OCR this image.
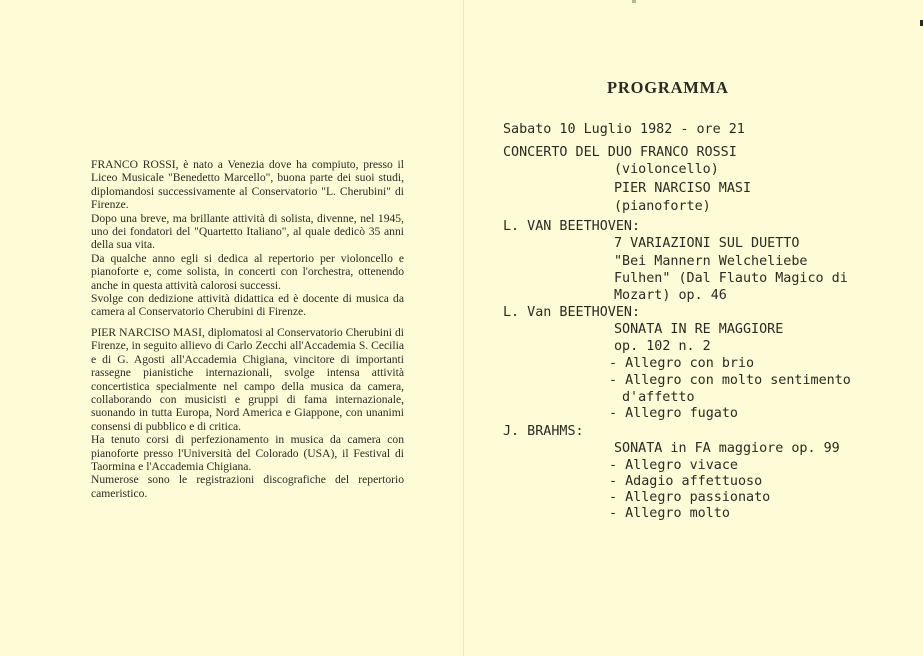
FRANCO ROSSI, è nato a Venezia dove ha compiuto, presso il Liceo Musicale "Benedetto Marcello", buona parte dei suoi studi, diplomandosi successivamente al Conservatorio "L. Cherubini" di Firenze.

Dopo una breve, ma brillante attività di solista, divenne, nel 1945, uno dei fondatori del "Quartetto Italiano", al quale dedicò 35 anni della sua vita.

Da qualche anno egli si dedica al repertorio per violoncello e pianoforte e, come solista, in concerti con l'orchestra, ottenendo anche in questa attività calorosi successi.

Svolge con dedizione attività didattica ed è docente di musica da camera al Conservatorio Cherubini di Firenze.

PIER NARCISO MASI, diplomatosi al Conservatorio Cherubini di Firenze, in seguito allievo di Carlo Zecchi all'Accademia S. Cecilia e di G. Agosti all'Accademia Chigiana, vincitore di importanti rassegne pianistiche internazionali, svolge intensa attività concertistica specialmente nel campo della musica da camera, collaborando con musicisti e gruppi di fama internazionale, suonando in tutta Europa, Nord America e Giappone, con unanimi consensi di pubblico e di critica.

Ha tenuto corsi di perfezionamento in musica da camera con pianoforte presso l'Università del Colorado (USA), il Festival di Taormina e l'Accademia Chigiana.

Numerose sono le registrazioni discografiche del repertorio cameristico.

PROGRAMMA
Sabato 10 Luglio 1982 - ore 21
CONCERTO DEL DUO FRANCO ROSSI
(violoncello)
PIER NARCISO MASI
(pianoforte)
L. VAN BEETHOVEN:
7 VARIAZIONI SUL DUETTO
"Bei Mannern Welcheliebe
Fulhen" (Dal Flauto Magico di
Mozart) op. 46
L. Van BEETHOVEN:
SONATA IN RE MAGGIORE
op. 102 n. 2
- Allegro con brio
- Allegro con molto sentimento
d'affetto
- Allegro fugato
J. BRAHMS:
SONATA in FA maggiore op. 99
- Allegro vivace
- Adagio affettuoso
- Allegro passionato
- Allegro molto
